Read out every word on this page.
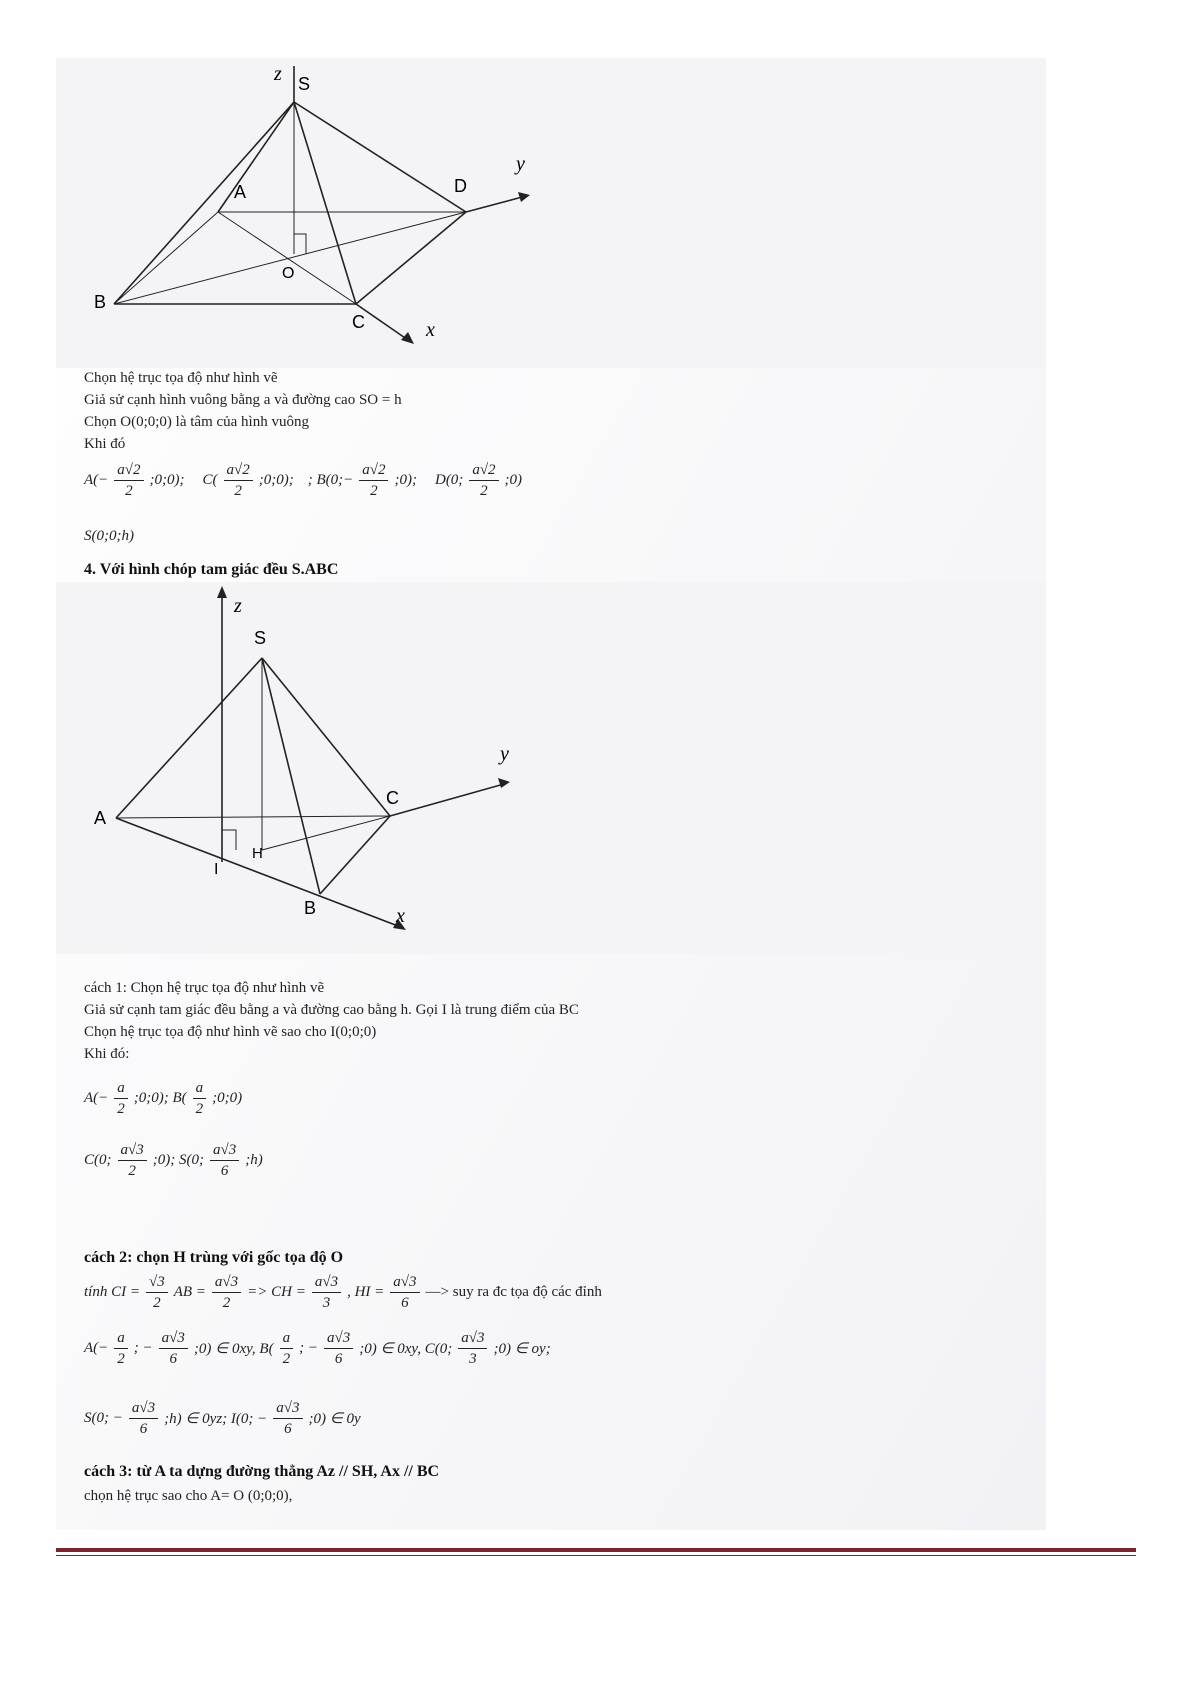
z S
y
A	D
O
B
C	x
Chọn hệ trục tọa độ như hình vẽ
Giả sử cạnh hình vuông bằng a và đường cao SO = h
Chọn O(0;0;0) là tâm của hình vuông
Khi đó
$A(- \frac{a√2}{2}$ ;0;0); $C( \frac{a√2}{2}$ ;0;0); ; B(0;− $\frac{a√2}{2}$ ;0); D(0; $\frac{a√2}{2}$ ;0)
S(0;0;h)
4. Với hình chóp tam giác đều S.ABC
z
S
y
A
C
H
I
B	x
cách 1: Chọn hệ trục tọa độ như hình vẽ
Giả sử cạnh tam giác đều bằng a và đường cao bằng h. Gọi I là trung điểm của BC
Chọn hệ trục tọa độ như hình vẽ sao cho I(0;0;0)
Khi đó:
$A(- \frac{a}{2}$ ;0;0); $B( \frac{a}{2}$ ;0;0)
C(0; $\frac{a√3}{2}$ ;0); S(0; $\frac{a√3}{6}$ ;h)
cách 2: chọn H trùng với gốc tọa độ O
tính CI = $\frac{√3}{2}$ AB = $\frac{a√3}{2}$ => CH = $\frac{a√3}{3}$ , HI = $\frac{a√3}{6}$ —> suy ra đc tọa độ các đỉnh
$A(- \frac{a}{2}$ ; − $\frac{a√3}{6}$ ;0) ∈ 0xy, $B( \frac{a}{2}$ ; − $\frac{a√3}{6}$ ;0) ∈ 0xy, C(0; $\frac{a√3}{3}$ ;0) ∈ oy;
S(0; − $\frac{a√3}{6}$ ;h) ∈ 0yz; I(0; − $\frac{a√3}{6}$ ;0) ∈ 0y
cách 3: từ A ta dựng đường thẳng Az // SH, Ax // BC
chọn hệ trục sao cho A= O (0;0;0),
